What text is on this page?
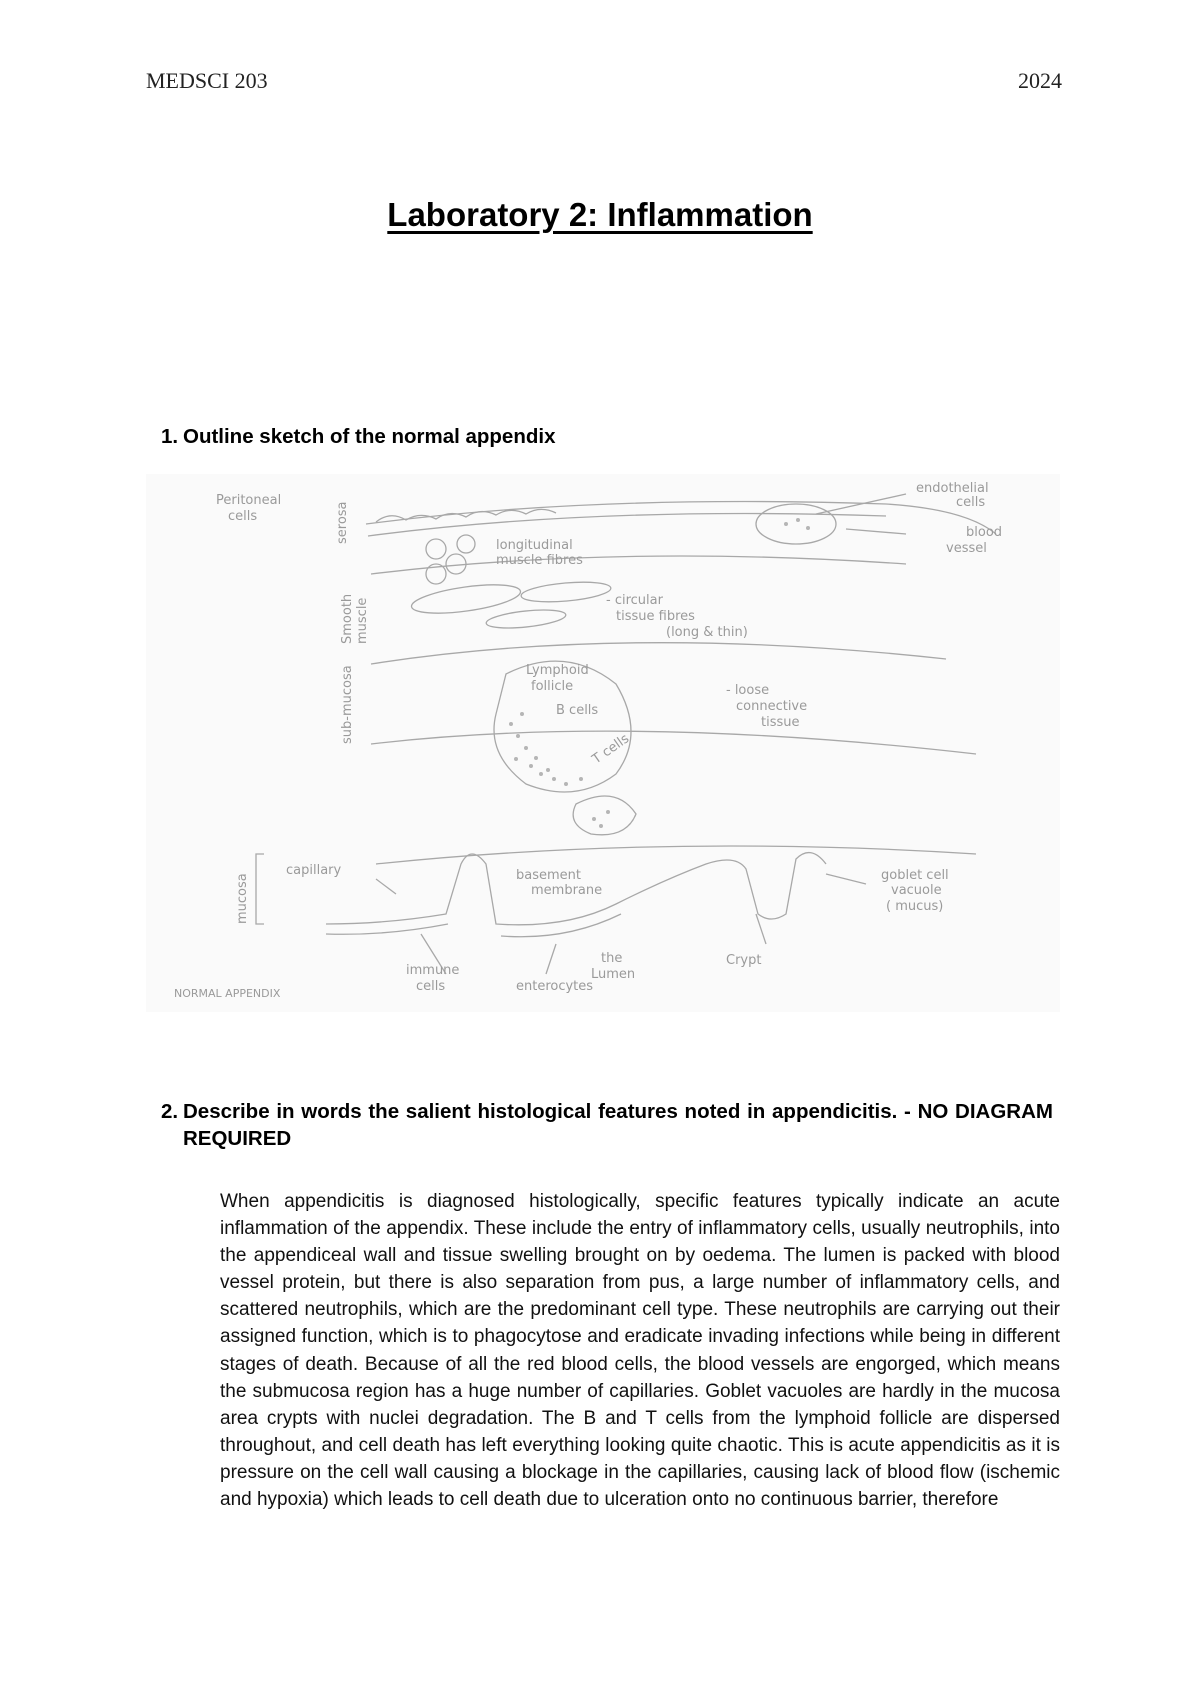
MEDSCI 203	2024
Laboratory 2: Inflammation
1. Outline sketch of the normal appendix
Peritoneal
cells
endothelial
cells
blood
vessel
serosa
longitudinal
muscle fibres
Smooth muscle	- circular
tissue fibres
(long & thin)
sub-mucosa	Lymphoid
follicle
B cells
T cells
- loose
connective
tissue
mucosa
capillary	basement
membrane
goblet cell
vacuole
( mucus)
immune
cells	enterocytes
the
Lumen
Crypt
NORMAL APPENDIX
2. Describe in words the salient histological features noted in appendicitis. - NO DIAGRAM REQUIRED
When appendicitis is diagnosed histologically, specific features typically indicate an acute inflammation of the appendix. These include the entry of inflammatory cells, usually neutrophils, into the appendiceal wall and tissue swelling brought on by oedema. The lumen is packed with blood vessel protein, but there is also separation from pus, a large number of inflammatory cells, and scattered neutrophils, which are the predominant cell type. These neutrophils are carrying out their assigned function, which is to phagocytose and eradicate invading infections while being in different stages of death. Because of all the red blood cells, the blood vessels are engorged, which means the submucosa region has a huge number of capillaries. Goblet vacuoles are hardly in the mucosa area crypts with nuclei degradation. The B and T cells from the lymphoid follicle are dispersed throughout, and cell death has left everything looking quite chaotic. This is acute appendicitis as it is pressure on the cell wall causing a blockage in the capillaries, causing lack of blood flow (ischemic and hypoxia) which leads to cell death due to ulceration onto no continuous barrier, therefore
